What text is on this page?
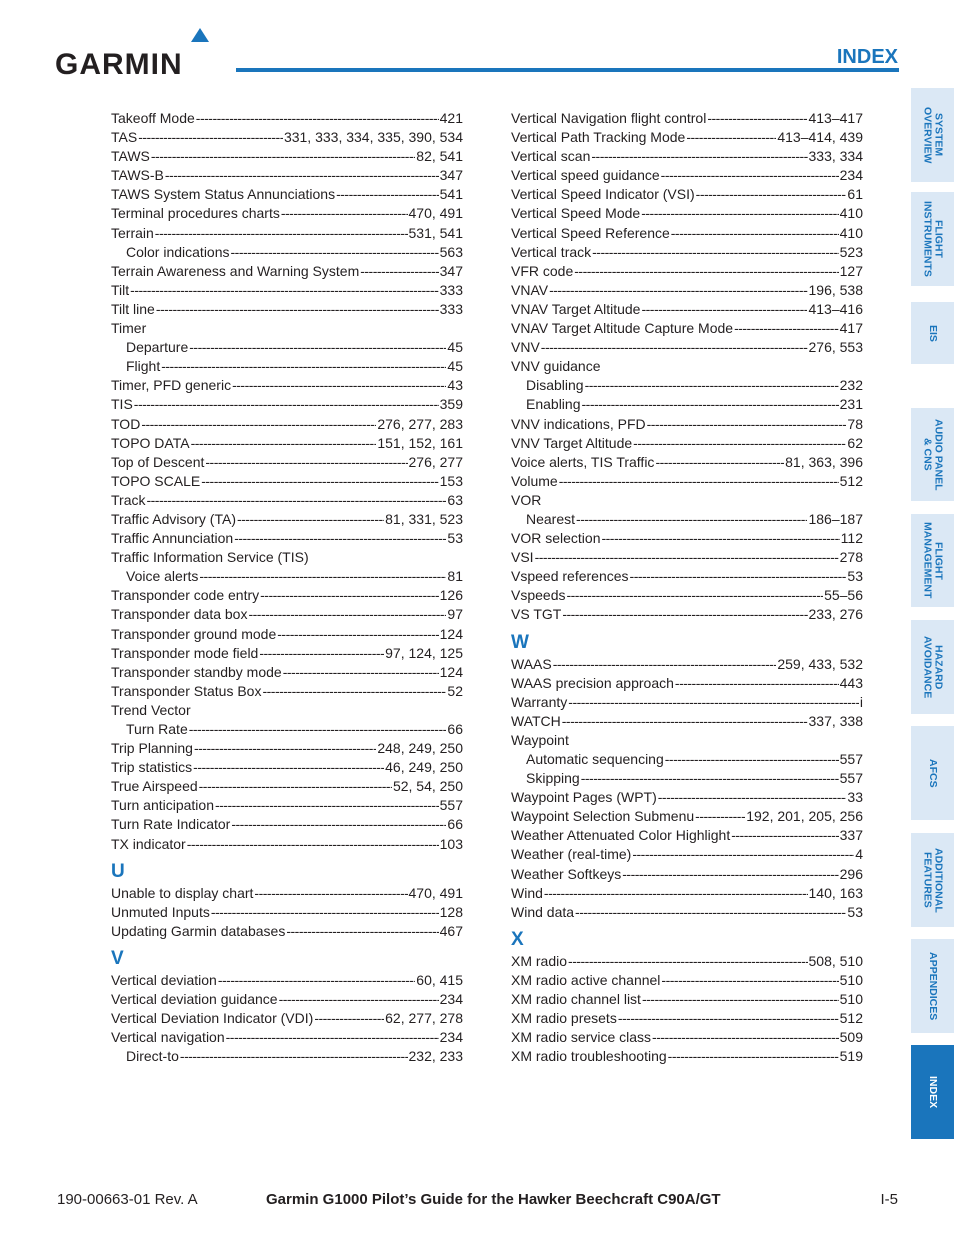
GARMIN	INDEX
Takeoff Mode -----	421
TAS -----	331, 333, 334, 335, 390, 534
TAWS -----	82, 541
TAWS-B -----	347
TAWS System Status Annunciations -----	541
Terminal procedures charts -----	470, 491
Terrain -----	531, 541
Color indications -----	563
Terrain Awareness and Warning System -----	347
Tilt -----	333
Tilt line -----	333
Timer
Departure -----	45
Flight -----	45
Timer, PFD generic -----	43
TIS -----	359
TOD -----	276, 277, 283
TOPO DATA -----	151, 152, 161
Top of Descent -----	276, 277
TOPO SCALE -----	153
Track -----	63
Traffic Advisory (TA) -----	81, 331, 523
Traffic Annunciation -----	53
Traffic Information Service (TIS)
Voice alerts -----	81
Transponder code entry -----	126
Transponder data box -----	97
Transponder ground mode -----	124
Transponder mode field -----	97, 124, 125
Transponder standby mode -----	124
Transponder Status Box -----	52
Trend Vector
Turn Rate -----	66
Trip Planning -----	248, 249, 250
Trip statistics -----	46, 249, 250
True Airspeed -----	52, 54, 250
Turn anticipation -----	557
Turn Rate Indicator -----	66
TX indicator -----	103
U
Unable to display chart -----	470, 491
Unmuted Inputs -----	128
Updating Garmin databases -----	467
V
Vertical deviation -----	60, 415
Vertical deviation guidance -----	234
Vertical Deviation Indicator (VDI) -----	62, 277, 278
Vertical navigation -----	234
Direct-to -----	232, 233
Vertical Navigation flight control -----	413–417
Vertical Path Tracking Mode -----	413–414, 439
Vertical scan -----	333, 334
Vertical speed guidance -----	234
Vertical Speed Indicator (VSI) -----	61
Vertical Speed Mode -----	410
Vertical Speed Reference -----	410
Vertical track -----	523
VFR code -----	127
VNAV -----	196, 538
VNAV Target Altitude -----	413–416
VNAV Target Altitude Capture Mode -----	417
VNV -----	276, 553
VNV guidance
Disabling -----	232
Enabling -----	231
VNV indications, PFD -----	78
VNV Target Altitude -----	62
Voice alerts, TIS Traffic -----	81, 363, 396
Volume -----	512
VOR
Nearest -----	186–187
VOR selection -----	112
VSI -----	278
Vspeed references -----	53
Vspeeds -----	55–56
VS TGT -----	233, 276
W
WAAS -----	259, 433, 532
WAAS precision approach -----	443
Warranty -----	i
WATCH -----	337, 338
Waypoint
Automatic sequencing -----	557
Skipping -----	557
Waypoint Pages (WPT) -----	33
Waypoint Selection Submenu -----	192, 201, 205, 256
Weather Attenuated Color Highlight -----	337
Weather (real-time) -----	4
Weather Softkeys -----	296
Wind -----	140, 163
Wind data -----	53
X
XM radio -----	508, 510
XM radio active channel -----	510
XM radio channel list -----	510
XM radio presets -----	512
XM radio service class -----	509
XM radio troubleshooting -----	519
SYSTEM
OVERVIEW
FLIGHT
INSTRUMENTS
EIS
AUDIO PANEL
& CNS
FLIGHT
MANAGEMENT
HAZARD
AVOIDANCE
AFCS
ADDITIONAL
FEATURES
APPENDICES
INDEX
190-00663-01 Rev. A	Garmin G1000 Pilot’s Guide for the Hawker Beechcraft C90A/GT	I-5
